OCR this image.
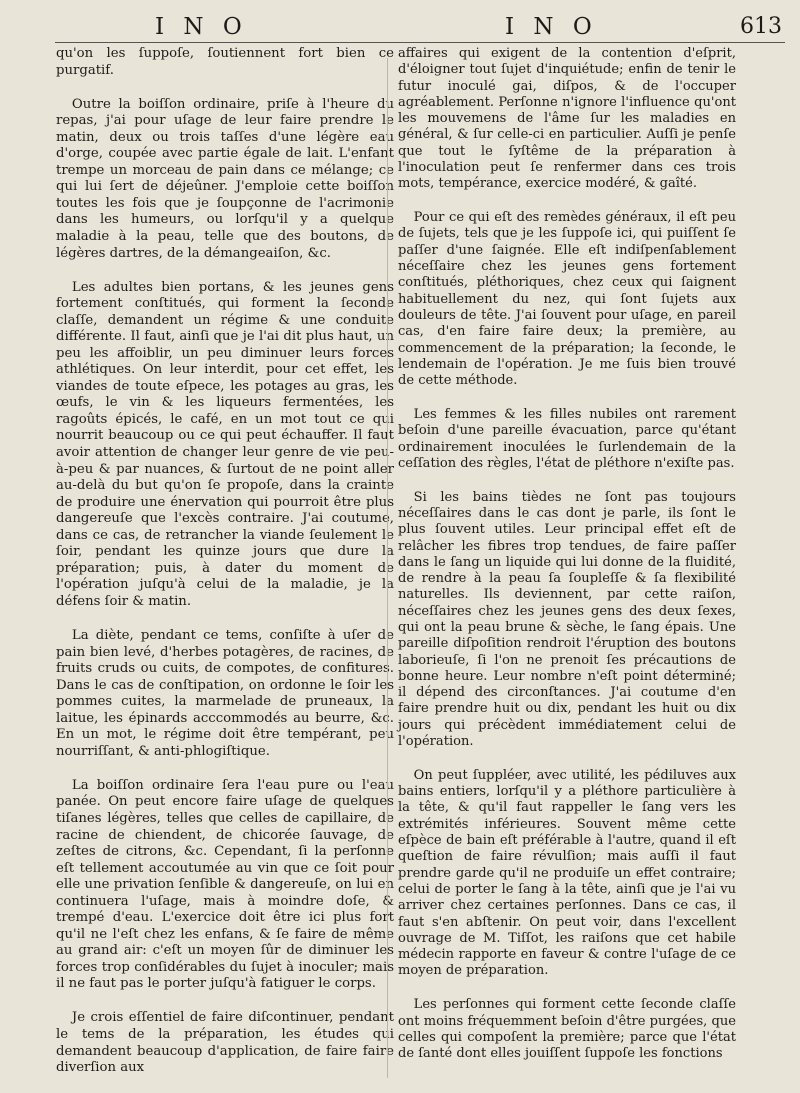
I N O	I N O	613

qu'on les ſuppoſe, ſoutiennent fort bien ce purgatif.

Outre la boiſſon ordinaire, priſe à l'heure du repas, j'ai pour uſage de leur faire prendre le matin, deux ou trois taſſes d'une légère eau d'orge, coupée avec partie égale de lait. L'enfant trempe un morceau de pain dans ce mélange; ce qui lui ſert de déjeûner. J'emploie cette boiſſon toutes les fois que je ſoupçonne de l'acrimonie dans les humeurs, ou lorſqu'il y a quelque maladie à la peau, telle que des boutons, de légères dartres, de la démangeaiſon, &c.

Les adultes bien portans, & les jeunes gens fortement conſtitués, qui forment la ſeconde claſſe, demandent un régime & une conduite différente. Il faut, ainſi que je l'ai dit plus haut, un peu les affoiblir, un peu diminuer leurs forces athlétiques. On leur interdit, pour cet effet, les viandes de toute eſpece, les potages au gras, les œufs, le vin & les liqueurs fermentées, les ragoûts épicés, le café, en un mot tout ce qui nourrit beaucoup ou ce qui peut échauffer. Il faut avoir attention de changer leur genre de vie peu-à-peu & par nuances, & ſurtout de ne point aller au-delà du but qu'on ſe propoſe, dans la crainte de produire une énervation qui pourroit être plus dangereuſe que l'excès contraire. J'ai coutume, dans ce cas, de retrancher la viande ſeulement le ſoir, pendant les quinze jours que dure la préparation; puis, à dater du moment de l'opération juſqu'à celui de la maladie, je la défens ſoir & matin.

La diète, pendant ce tems, conſiſte à uſer de pain bien levé, d'herbes potagères, de racines, de fruits cruds ou cuits, de compotes, de confitures. Dans le cas de conſtipation, on ordonne le ſoir les pommes cuites, la marmelade de pruneaux, la laitue, les épinards acccommodés au beurre, &c. En un mot, le régime doit être tempérant, peu nourriſſant, & anti-phlogiſtique.

La boiſſon ordinaire ſera l'eau pure ou l'eau panée. On peut encore faire uſage de quelques tiſanes légères, telles que celles de capillaire, de racine de chiendent, de chicorée ſauvage, de zeſtes de citrons, &c. Cependant, ſi la perſonne eſt tellement accoutumée au vin que ce ſoit pour elle une privation ſenſible & dangereuſe, on lui en continuera l'uſage, mais à moindre doſe, & trempé d'eau. L'exercice doit être ici plus fort qu'il ne l'eſt chez les enfans, & ſe faire de même au grand air: c'eſt un moyen ſûr de diminuer les forces trop conſidérables du ſujet à inoculer; mais il ne faut pas le porter juſqu'à fatiguer le corps.

Je crois eſſentiel de faire diſcontinuer, pendant le tems de la préparation, les études qui demandent beaucoup d'application, de faire faire diverſion aux

affaires qui exigent de la contention d'eſprit, d'éloigner tout ſujet d'inquiétude; enfin de tenir le futur inoculé gai, diſpos, & de l'occuper agréablement. Perſonne n'ignore l'influence qu'ont les mouvemens de l'âme ſur les maladies en général, & ſur celle-ci en particulier. Auſſi je penſe que tout le ſyſtême de la préparation à l'inoculation peut ſe renfermer dans ces trois mots, tempérance, exercice modéré, & gaîté.

Pour ce qui eſt des remèdes généraux, il eſt peu de ſujets, tels que je les ſuppoſe ici, qui puiſſent ſe paſſer d'une ſaignée. Elle eſt indiſpenſablement néceſſaire chez les jeunes gens fortement conſtitués, pléthoriques, chez ceux qui ſaignent habituellement du nez, qui ſont ſujets aux douleurs de tête. J'ai ſouvent pour uſage, en pareil cas, d'en faire faire deux; la première, au commencement de la préparation; la ſeconde, le lendemain de l'opération. Je me ſuis bien trouvé de cette méthode.

Les femmes & les filles nubiles ont rarement beſoin d'une pareille évacuation, parce qu'étant ordinairement inoculées le ſurlendemain de la ceſſation des règles, l'état de pléthore n'exiſte pas.

Si les bains tièdes ne ſont pas toujours néceſſaires dans le cas dont je parle, ils ſont le plus ſouvent utiles. Leur principal effet eſt de relâcher les fibres trop tendues, de faire paſſer dans le ſang un liquide qui lui donne de la fluidité, de rendre à la peau ſa ſoupleſſe & ſa flexibilité naturelles. Ils deviennent, par cette raiſon, néceſſaires chez les jeunes gens des deux ſexes, qui ont la peau brune & sèche, le ſang épais. Une pareille diſpoſition rendroit l'éruption des boutons laborieuſe, ſi l'on ne prenoit ſes précautions de bonne heure. Leur nombre n'eſt point déterminé; il dépend des circonſtances. J'ai coutume d'en faire prendre huit ou dix, pendant les huit ou dix jours qui précèdent immédiatement celui de l'opération.

On peut ſuppléer, avec utilité, les pédiluves aux bains entiers, lorſqu'il y a pléthore particulière à la tête, & qu'il faut rappeller le ſang vers les extrémités inférieures. Souvent même cette eſpèce de bain eſt préférable à l'autre, quand il eſt queſtion de faire révulſion; mais auſſi il faut prendre garde qu'il ne produiſe un effet contraire; celui de porter le ſang à la tête, ainſi que je l'ai vu arriver chez certaines perſonnes. Dans ce cas, il faut s'en abſtenir. On peut voir, dans l'excellent ouvrage de M. Tiſſot, les raiſons que cet habile médecin rapporte en faveur & contre l'uſage de ce moyen de préparation.

Les perſonnes qui forment cette ſeconde claſſe ont moins fréquemment beſoin d'être purgées, que celles qui compoſent la première; parce que l'état de ſanté dont elles jouiſſent ſuppoſe les fonctions
